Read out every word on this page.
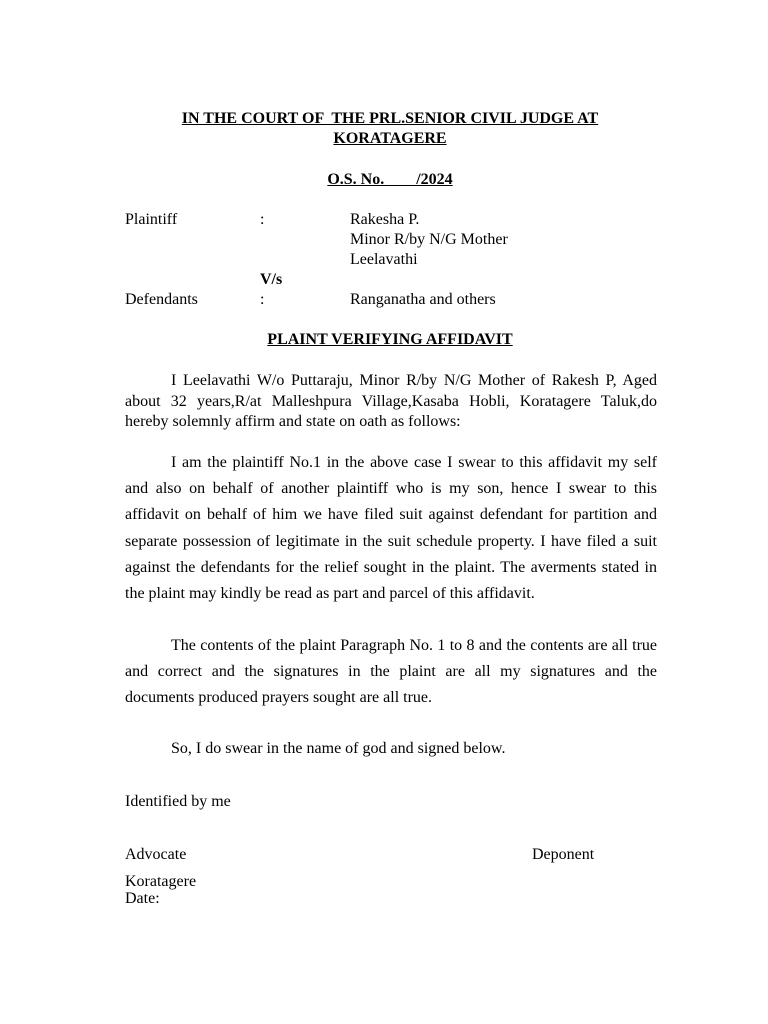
IN THE COURT OF  THE PRL.SENIOR CIVIL JUDGE AT
KORATAGERE
O.S. No.        /2024
Plaintiff	:	Rakesha P.
Minor R/by N/G Mother
Leelavathi
V/s
Defendants	:	Ranganatha and others
PLAINT VERIFYING AFFIDAVIT
I Leelavathi W/o Puttaraju, Minor R/by N/G Mother of Rakesh P, Aged about 32 years,R/at Malleshpura Village,Kasaba Hobli, Koratagere Taluk,do hereby solemnly affirm and state on oath as follows:
I am the plaintiff No.1 in the above case I swear to this affidavit my self and also on behalf of another plaintiff who is my son, hence I swear to this affidavit on behalf of him we have filed suit against defendant for partition and separate possession of legitimate in the suit schedule property. I have filed a suit against the defendants for the relief sought in the plaint. The averments stated in the plaint may kindly be read as part and parcel of this affidavit.
The contents of the plaint Paragraph No. 1 to 8 and the contents are all true and correct and the signatures in the plaint are all my signatures and the documents produced prayers sought are all true.
So, I do swear in the name of god and signed below.
Identified by me
Advocate	Deponent
Koratagere
Date:
